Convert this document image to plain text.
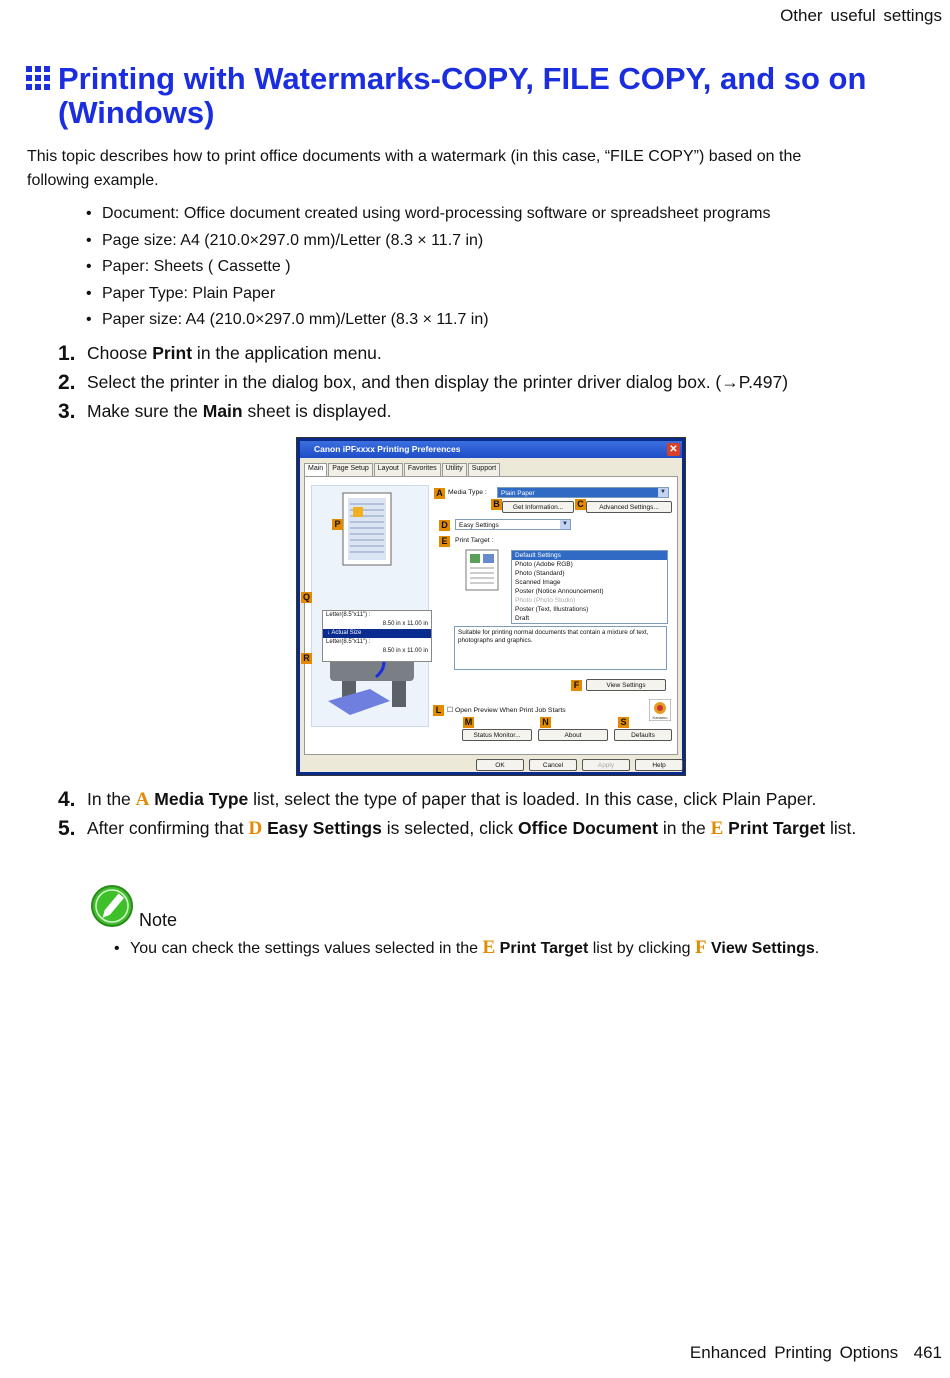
Other useful settings
Printing with Watermarks-COPY, FILE COPY, and so on (Windows)
This topic describes how to print office documents with a watermark (in this case, “FILE COPY”) based on the following example.
• Document: Office document created using word-processing software or spreadsheet programs
• Page size: A4 (210.0×297.0 mm)/Letter (8.3 × 11.7 in)
• Paper: Sheets ( Cassette )
• Paper Type: Plain Paper
• Paper size: A4 (210.0×297.0 mm)/Letter (8.3 × 11.7 in)
1. Choose Print in the application menu.
2. Select the printer in the dialog box, and then display the printer driver dialog box. (→P.497)
3. Make sure the Main sheet is displayed.
Canon iPFxxxx Printing Preferences	✕
Main	Page Setup	Layout	Favorites	Utility	Support
Letter(8.5"x11") :
8.50 in x 11.00 in
↓ Actual Size
Letter(8.5"x11") :
8.50 in x 11.00 in
P
Q
R
A Media Type :	Plain Paper	▼
B	Get Information...	C	Advanced Settings...
D	Easy Settings	▼
E	Print Target :
Default Settings
Photo (Adobe RGB)
Photo (Standard)
Scanned Image
Poster (Notice Announcement)
Photo (Photo Studio)
Poster (Text, Illustrations)
Draft
Suitable for printing normal documents that contain a mixture of text, photographs and graphics.
F	View Settings
L ☐ Open Preview When Print Job Starts
Kanamo
M	N	S
Status Monitor...	About	Defaults
OK	Cancel	Apply	Help
4. In the A Media Type list, select the type of paper that is loaded. In this case, click Plain Paper.
5. After confirming that D Easy Settings is selected, click Office Document in the E Print Target list.
Note
• You can check the settings values selected in the E Print Target list by clicking F View Settings.
Enhanced Printing Options 461
